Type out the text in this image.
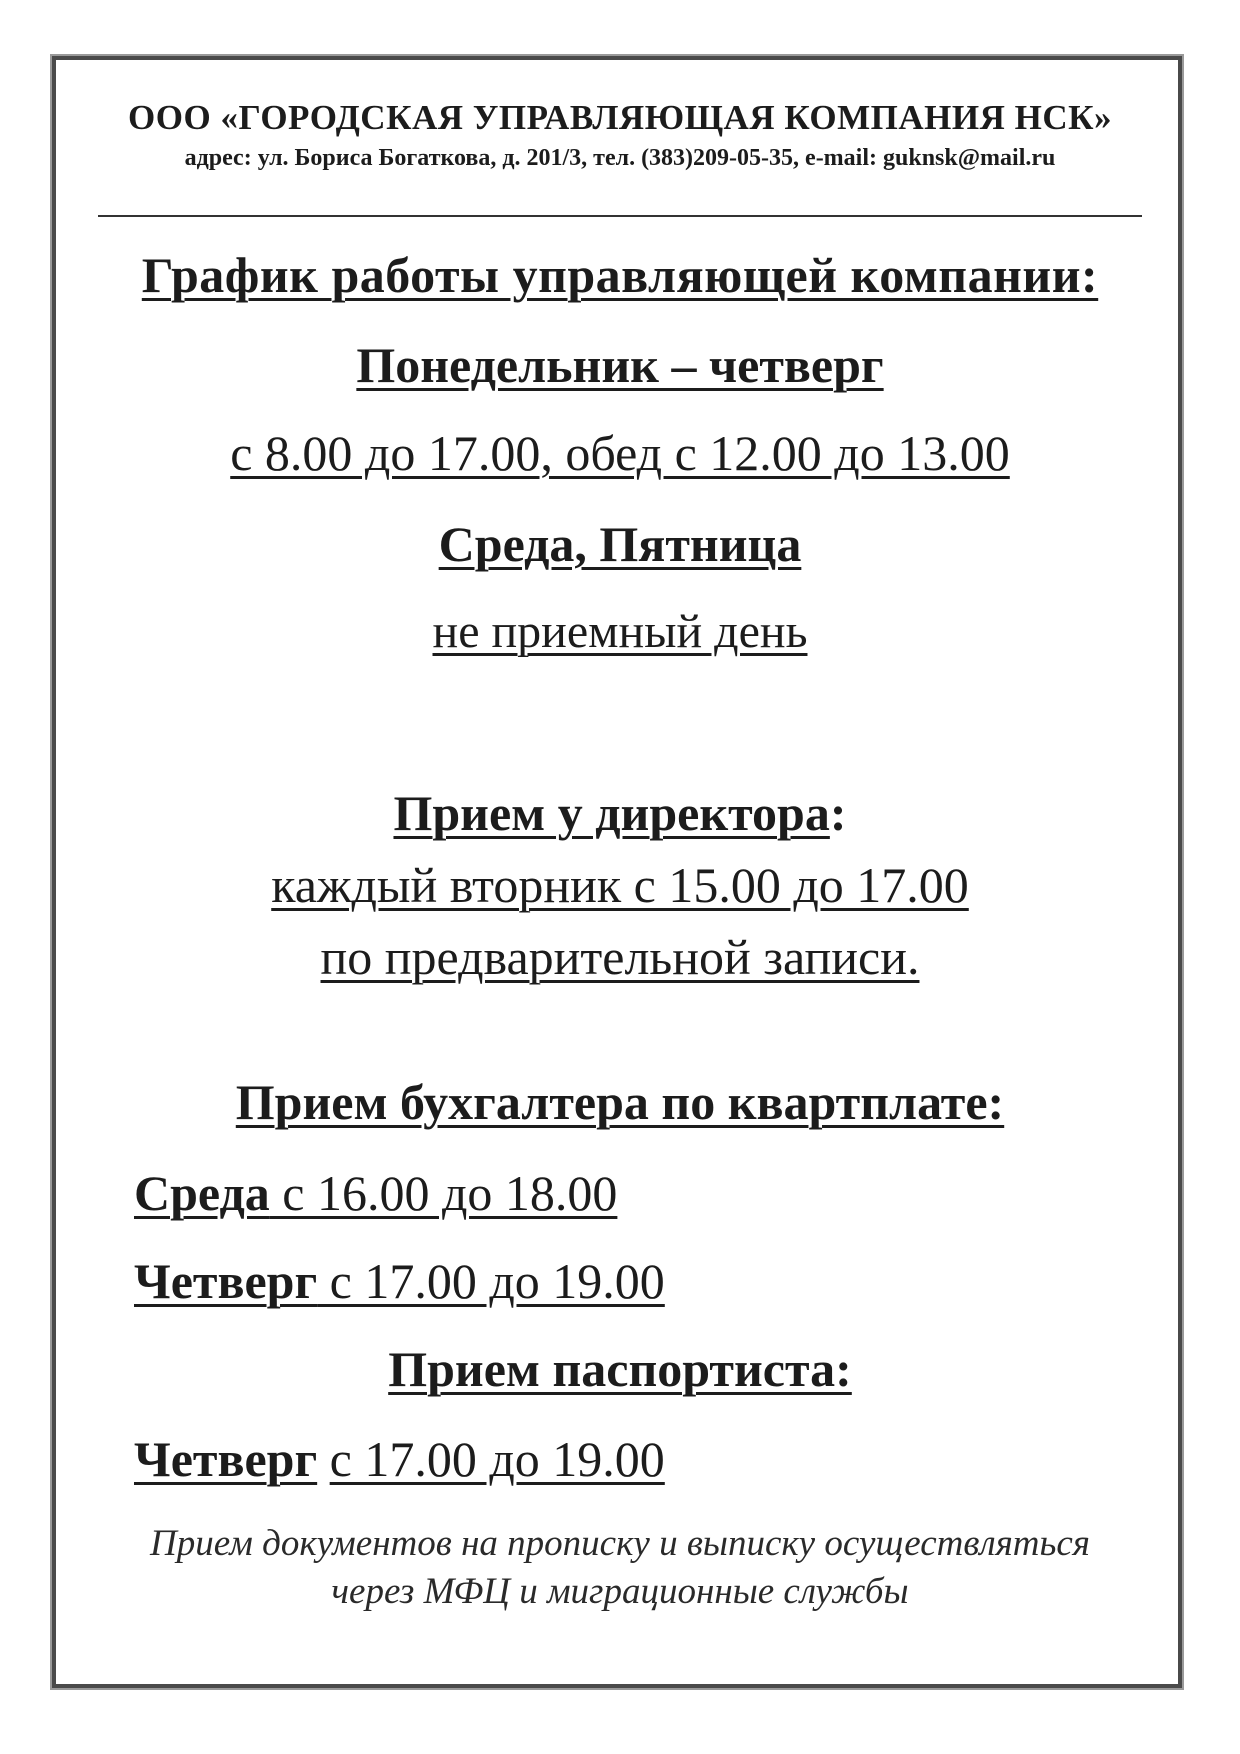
ООО «ГОРОДСКАЯ УПРАВЛЯЮЩАЯ КОМПАНИЯ НСК»
адрес: ул. Бориса Богаткова, д. 201/3, тел. (383)209-05-35, e-mail: guknsk@mail.ru
График работы управляющей компании:
Понедельник – четверг
с 8.00 до 17.00, обед с 12.00 до 13.00
Среда, Пятница
не приемный день
Прием у директора:
каждый вторник с 15.00 до 17.00
по предварительной записи.
Прием бухгалтера по квартплате:
Среда с 16.00 до 18.00
Четверг с 17.00 до 19.00
Прием паспортиста:
Четверг с 17.00 до 19.00
Прием документов на прописку и выписку осуществляться
через МФЦ и миграционные службы
